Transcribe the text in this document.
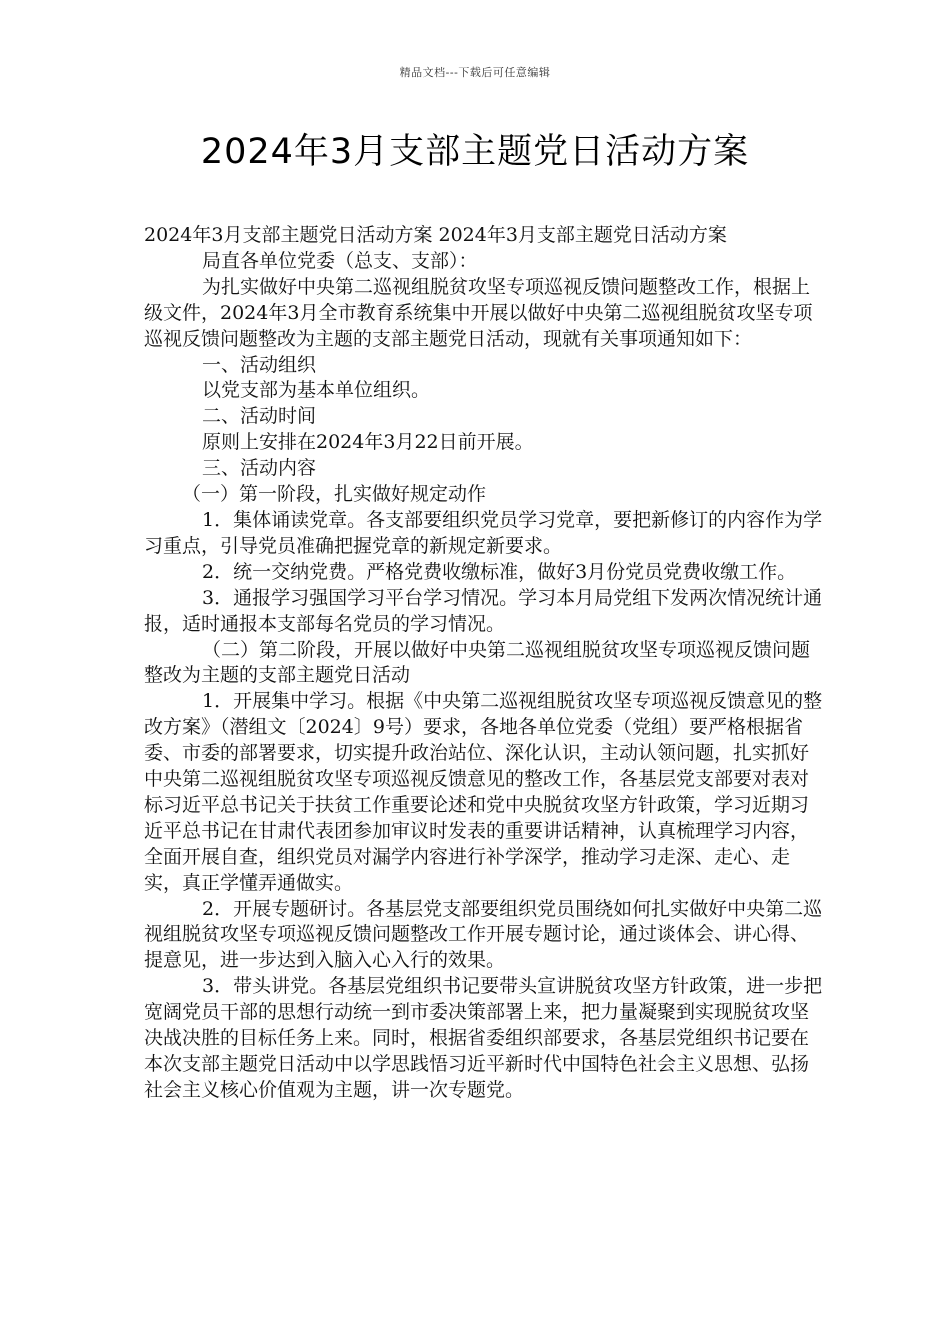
精品文档---下载后可任意编辑
2024年3月支部主题党日活动方案

2024年3月支部主题党日活动方案 2024年3月支部主题党日活动方案

局直各单位党委（总支、支部）：

为扎实做好中央第二巡视组脱贫攻坚专项巡视反馈问题整改工作，根据上级文件，2024年3月全市教育系统集中开展以做好中央第二巡视组脱贫攻坚专项巡视反馈问题整改为主题的支部主题党日活动，现就有关事项通知如下：

一、活动组织

以党支部为基本单位组织。

二、活动时间

原则上安排在2024年3月22日前开展。

三、活动内容

（一）第一阶段，扎实做好规定动作

1．集体诵读党章。各支部要组织党员学习党章，要把新修订的内容作为学习重点，引导党员准确把握党章的新规定新要求。

2．统一交纳党费。严格党费收缴标准，做好3月份党员党费收缴工作。

3．通报学习强国学习平台学习情况。学习本月局党组下发两次情况统计通报，适时通报本支部每名党员的学习情况。

（二）第二阶段，开展以做好中央第二巡视组脱贫攻坚专项巡视反馈问题整改为主题的支部主题党日活动

1．开展集中学习。根据《中央第二巡视组脱贫攻坚专项巡视反馈意见的整改方案》（潜组文〔2024〕9号）要求，各地各单位党委（党组）要严格根据省委、市委的部署要求，切实提升政治站位、深化认识，主动认领问题，扎实抓好中央第二巡视组脱贫攻坚专项巡视反馈意见的整改工作，各基层党支部要对表对标习近平总书记关于扶贫工作重要论述和党中央脱贫攻坚方针政策，学习近期习近平总书记在甘肃代表团参加审议时发表的重要讲话精神，认真梳理学习内容，全面开展自查，组织党员对漏学内容进行补学深学，推动学习走深、走心、走实，真正学懂弄通做实。

2．开展专题研讨。各基层党支部要组织党员围绕如何扎实做好中央第二巡视组脱贫攻坚专项巡视反馈问题整改工作开展专题讨论，通过谈体会、讲心得、提意见，进一步达到入脑入心入行的效果。

3．带头讲党。各基层党组织书记要带头宣讲脱贫攻坚方针政策，进一步把宽阔党员干部的思想行动统一到市委决策部署上来，把力量凝聚到实现脱贫攻坚决战决胜的目标任务上来。同时，根据省委组织部要求，各基层党组织书记要在本次支部主题党日活动中以学思践悟习近平新时代中国特色社会主义思想、弘扬社会主义核心价值观为主题，讲一次专题党。
